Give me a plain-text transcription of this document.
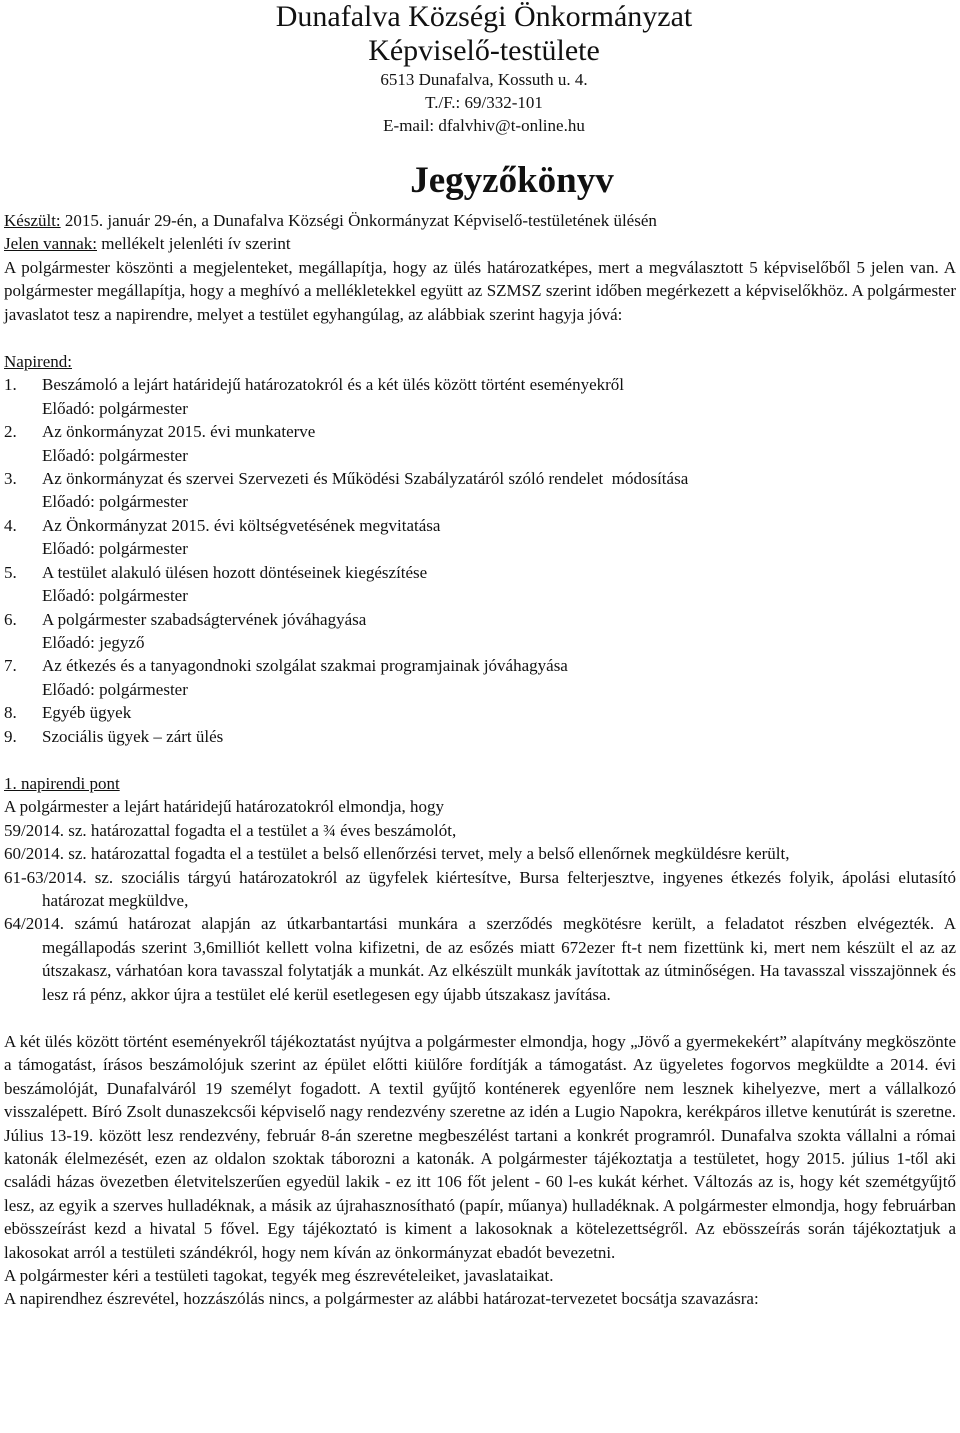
Dunafalva Községi Önkormányzat
Képviselő-testülete
6513 Dunafalva, Kossuth u. 4.
T./F.: 69/332-101
E-mail: dfalvhiv@t-online.hu
Jegyzőkönyv
Készült: 2015. január 29-én, a Dunafalva Községi Önkormányzat Képviselő-testületének ülésén
Jelen vannak: mellékelt jelenléti ív szerint
A polgármester köszönti a megjelenteket, megállapítja, hogy az ülés határozatképes, mert a megválasztott 5 képviselőből 5 jelen van. A polgármester megállapítja, hogy a meghívó a mellékletekkel együtt az SZMSZ szerint időben megérkezett a képviselőkhöz. A polgármester javaslatot tesz a napirendre, melyet a testület egyhangúlag, az alábbiak szerint hagyja jóvá:
Napirend:
1. Beszámoló a lejárt határidejű határozatokról és a két ülés között történt eseményekről
Előadó: polgármester
2. Az önkormányzat 2015. évi munkaterve
Előadó: polgármester
3. Az önkormányzat és szervei Szervezeti és Működési Szabályzatáról szóló rendelet  módosítása
Előadó: polgármester
4. Az Önkormányzat 2015. évi költségvetésének megvitatása
Előadó: polgármester
5. A testület alakuló ülésen hozott döntéseinek kiegészítése
Előadó: polgármester
6. A polgármester szabadságtervének jóváhagyása
Előadó: jegyző
7. Az étkezés és a tanyagondnoki szolgálat szakmai programjainak jóváhagyása
Előadó: polgármester
8. Egyéb ügyek
9. Szociális ügyek – zárt ülés
1. napirendi pont
A polgármester a lejárt határidejű határozatokról elmondja, hogy
59/2014. sz. határozattal fogadta el a testület a ¾ éves beszámolót,
60/2014. sz. határozattal fogadta el a testület a belső ellenőrzési tervet, mely a belső ellenőrnek megküldésre került,
61-63/2014. sz. szociális tárgyú határozatokról az ügyfelek kiértesítve, Bursa felterjesztve, ingyenes étkezés folyik, ápolási elutasító határozat megküldve,
64/2014. számú határozat alapján az útkarbantartási munkára a szerződés megkötésre került, a feladatot részben elvégezték. A megállapodás szerint 3,6milliót kellett volna kifizetni, de az esőzés miatt 672ezer ft-t nem fizettünk ki, mert nem készült el az az útszakasz, várhatóan kora tavasszal folytatják a munkát. Az elkészült munkák javítottak az útminőségen. Ha tavasszal visszajönnek és lesz rá pénz, akkor újra a testület elé kerül esetlegesen egy újabb útszakasz javítása.
A két ülés között történt eseményekről tájékoztatást nyújtva a polgármester elmondja, hogy „Jövő a gyermekekért” alapítvány megköszönte a támogatást, írásos beszámolójuk szerint az épület előtti kiülőre fordítják a támogatást. Az ügyeletes fogorvos megküldte a 2014. évi beszámolóját, Dunafalváról 19 személyt fogadott. A textil gyűjtő konténerek egyenlőre nem lesznek kihelyezve, mert a vállalkozó visszalépett. Bíró Zsolt dunaszekcsői képviselő nagy rendezvény szeretne az idén a Lugio Napokra, kerékpáros illetve kenutúrát is szeretne. Július 13-19. között lesz rendezvény, február 8-án szeretne megbeszélést tartani a konkrét programról. Dunafalva szokta vállalni a római katonák élelmezését, ezen az oldalon szoktak táborozni a katonák. A polgármester tájékoztatja a testületet, hogy 2015. július 1-től aki családi házas övezetben életvitelszerűen egyedül lakik - ez itt 106 főt jelent - 60 l-es kukát kérhet. Változás az is, hogy két szemétgyűjtő lesz, az egyik a szerves hulladéknak, a másik az újrahasznosítható (papír, műanya) hulladéknak. A polgármester elmondja, hogy februárban ebösszeírást kezd a hivatal 5 fővel. Egy tájékoztató is kiment a lakosoknak a kötelezettségről. Az ebösszeírás során tájékoztatjuk a lakosokat arról a testületi szándékról, hogy nem kíván az önkormányzat ebadót bevezetni.
A polgármester kéri a testületi tagokat, tegyék meg észrevételeiket, javaslataikat.
A napirendhez észrevétel, hozzászólás nincs, a polgármester az alábbi határozat-tervezetet bocsátja szavazásra:
